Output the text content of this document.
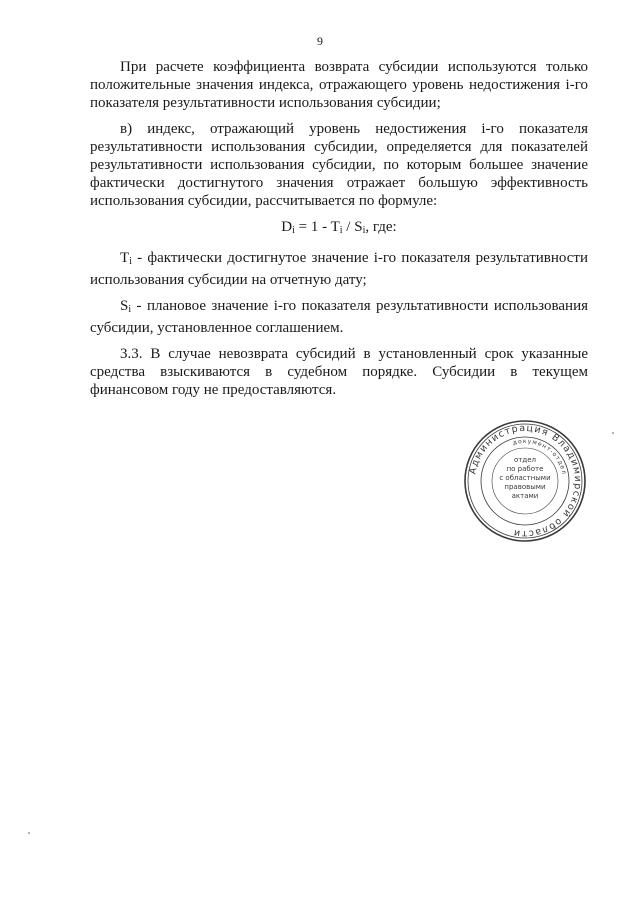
9

При расчете коэффициента возврата субсидии используются только положительные значения индекса, отражающего уровень недостижения i-го показателя результативности использования субсидии;

в) индекс, отражающий уровень недостижения i-го показателя результативности использования субсидии, определяется для показателей результативности использования субсидии, по которым большее значение фактически достигнутого значения отражает большую эффективность использования субсидии, рассчитывается по формуле:

$D_i = 1 - T_i / S_i$, где:

$T_i$ - фактически достигнутое значение i-го показателя результативности использования субсидии на отчетную дату;

$S_i$ - плановое значение i-го показателя результативности использования субсидии, установленное соглашением.

3.3. В случае невозврата субсидий в установленный срок указанные средства взыскиваются в судебном порядке. Субсидии в текущем финансовом году не предоставляются.

Администрация Владимирской области
документ-отдел
отдел
по работе
с областными
правовыми
актами
